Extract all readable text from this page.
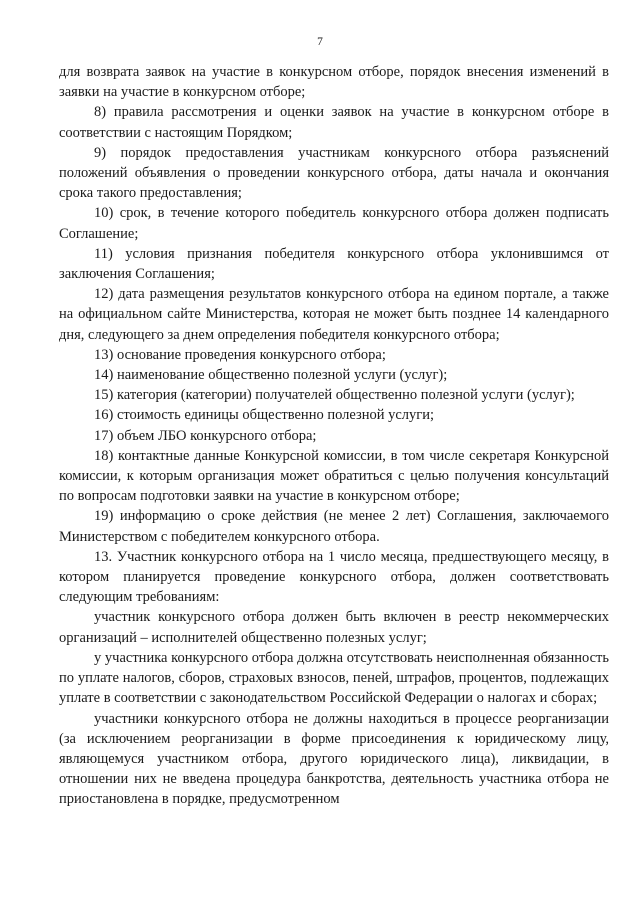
7

для возврата заявок на участие в конкурсном отборе, порядок внесения изменений в заявки на участие в конкурсном отборе;

8) правила рассмотрения и оценки заявок на участие в конкурсном отборе в соответствии с настоящим Порядком;

9) порядок предоставления участникам конкурсного отбора разъяснений положений объявления о проведении конкурсного отбора, даты начала и окончания срока такого предоставления;

10) срок, в течение которого победитель конкурсного отбора должен подписать Соглашение;

11) условия признания победителя конкурсного отбора уклонившимся от заключения Соглашения;

12) дата размещения результатов конкурсного отбора на едином портале, а также на официальном сайте Министерства, которая не может быть позднее 14 календарного дня, следующего за днем определения победителя конкурсного отбора;

13) основание проведения конкурсного отбора;

14) наименование общественно полезной услуги (услуг);

15) категория (категории) получателей общественно полезной услуги (услуг);

16) стоимость единицы общественно полезной услуги;

17) объем ЛБО конкурсного отбора;

18) контактные данные Конкурсной комиссии, в том числе секретаря Конкурсной комиссии, к которым организация может обратиться с целью получения консультаций по вопросам подготовки заявки на участие в конкурсном отборе;

19) информацию о сроке действия (не менее 2 лет) Соглашения, заключаемого Министерством с победителем конкурсного отбора.

13. Участник конкурсного отбора на 1 число месяца, предшествующего месяцу, в котором планируется проведение конкурсного отбора, должен соответствовать следующим требованиям:

участник конкурсного отбора должен быть включен в реестр некоммерческих организаций – исполнителей общественно полезных услуг;

у участника конкурсного отбора должна отсутствовать неисполненная обязанность по уплате налогов, сборов, страховых взносов, пеней, штрафов, процентов, подлежащих уплате в соответствии с законодательством Российской Федерации о налогах и сборах;

участники конкурсного отбора не должны находиться в процессе реорганизации (за исключением реорганизации в форме присоединения к юридическому лицу, являющемуся участником отбора, другого юридического лица), ликвидации, в отношении них не введена процедура банкротства, деятельность участника отбора не приостановлена в порядке, предусмотренном
